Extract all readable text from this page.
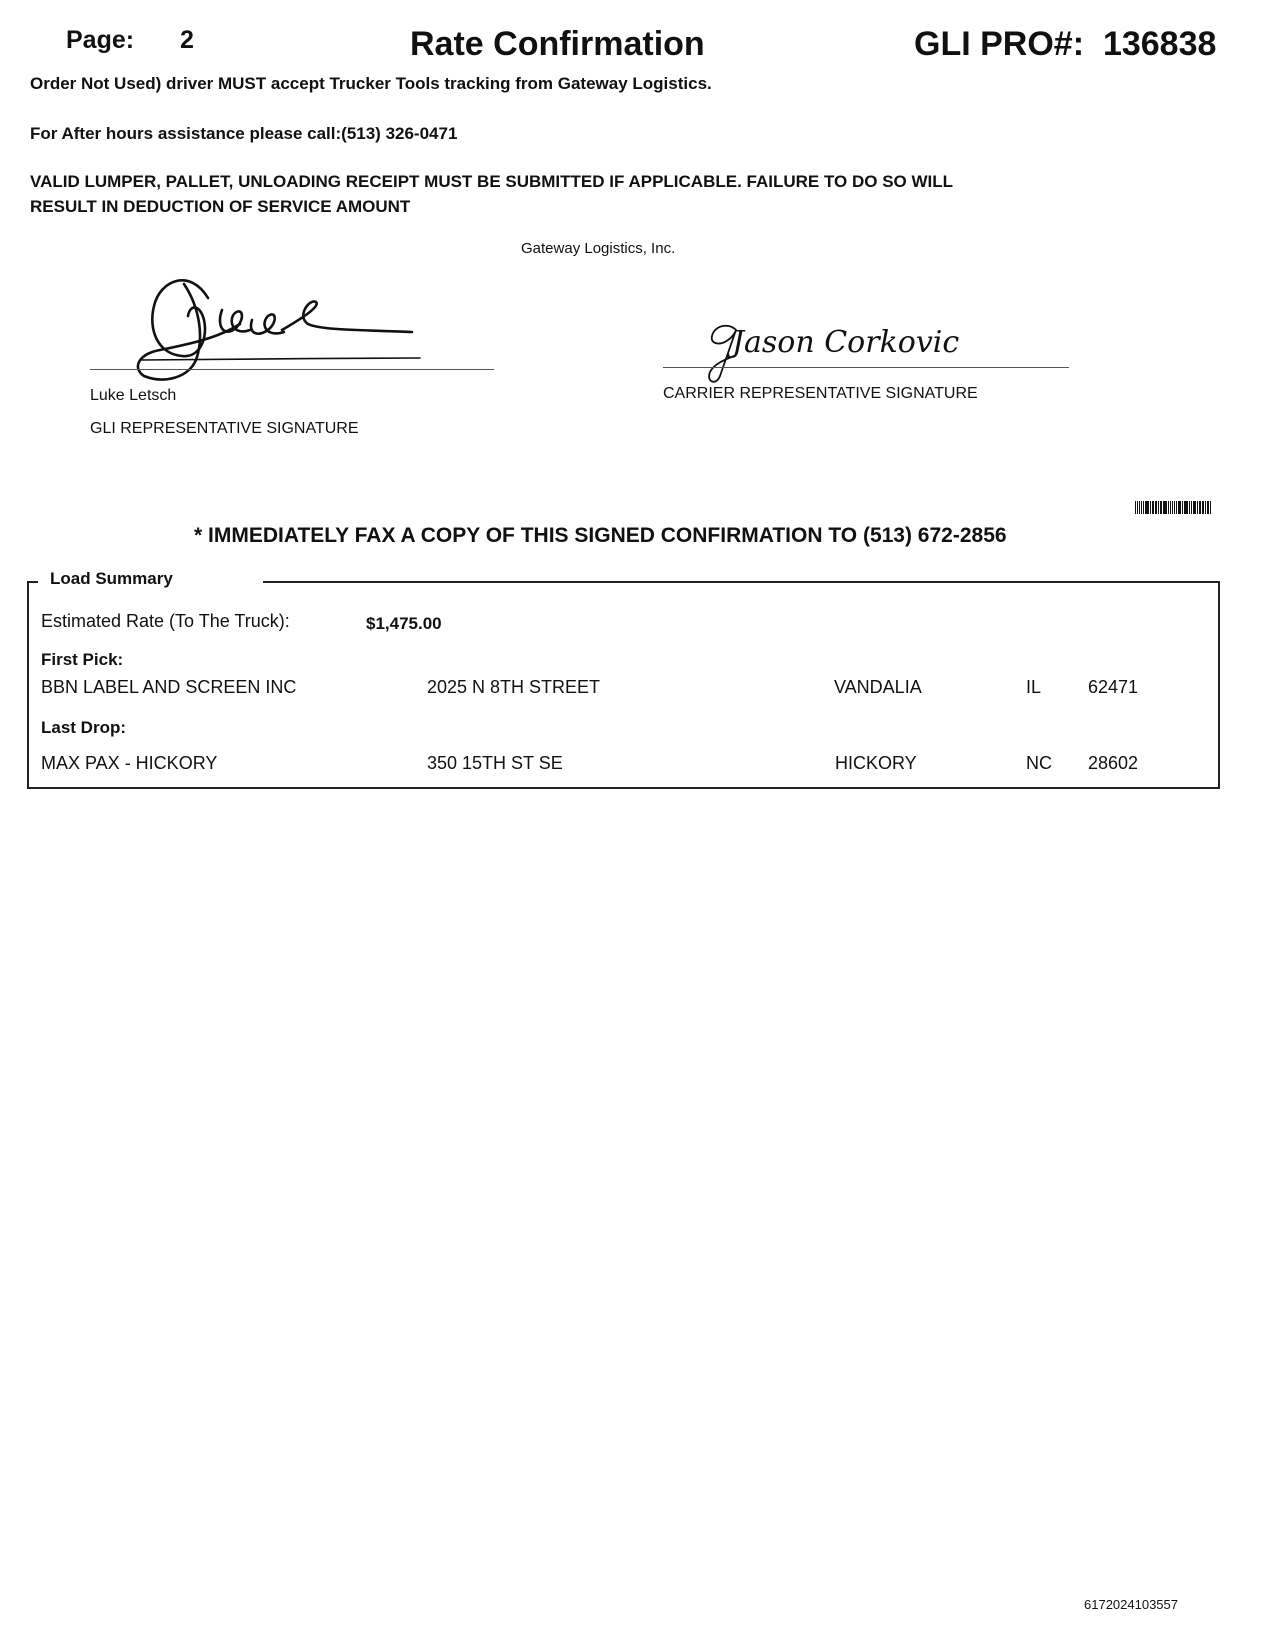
Page: 2	Rate Confirmation	GLI PRO#: 136838
Order Not Used) driver MUST accept Trucker Tools tracking from Gateway Logistics.
For After hours assistance please call:(513) 326-0471
VALID LUMPER, PALLET, UNLOADING RECEIPT MUST BE SUBMITTED IF APPLICABLE. FAILURE TO DO SO WILL
RESULT IN DEDUCTION OF SERVICE AMOUNT
Gateway Logistics, Inc.
Luke Letsch
GLI REPRESENTATIVE SIGNATURE
Jason Corkovic
CARRIER REPRESENTATIVE SIGNATURE
* IMMEDIATELY FAX A COPY OF THIS SIGNED CONFIRMATION TO (513) 672-2856
Load Summary
Estimated Rate (To The Truck):	$1,475.00
First Pick:
BBN LABEL AND SCREEN INC	2025 N 8TH STREET	VANDALIA	IL	62471
Last Drop:
MAX PAX - HICKORY	350 15TH ST SE	HICKORY	NC 28602
6172024103557
